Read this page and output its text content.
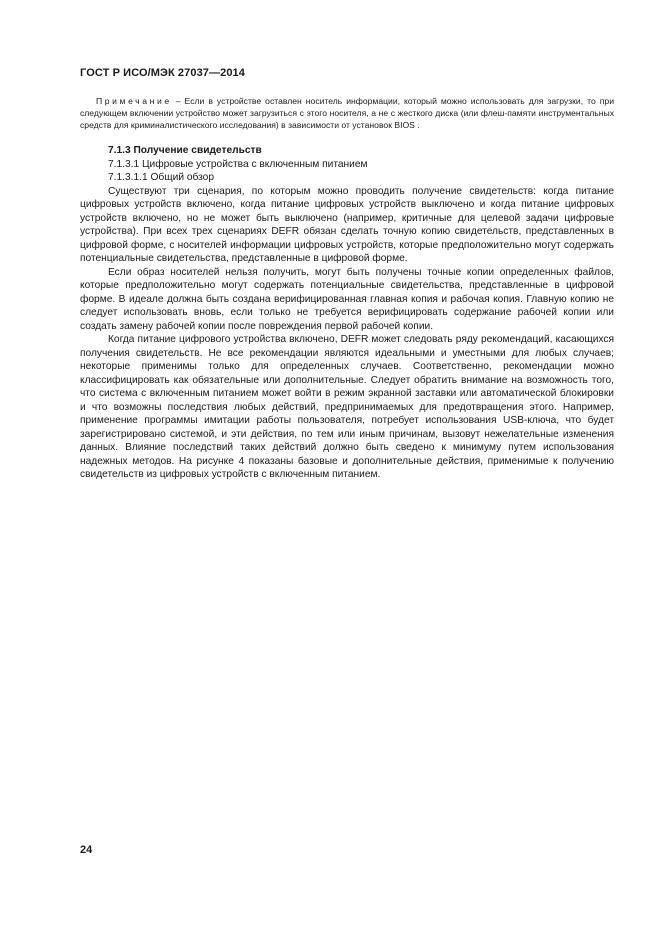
ГОСТ Р ИСО/МЭК 27037—2014
Примечание – Если в устройстве оставлен носитель информации, который можно использовать для загрузки, то при следующем включении устройство может загрузиться с этого носителя, а не с жесткого диска (или флеш-памяти инструментальных средств для криминалистического исследования) в зависимости от установок BIOS .
7.1.3 Получение свидетельств
7.1.3.1 Цифровые устройства с включенным питанием
7.1.3.1.1 Общий обзор

Существуют три сценария, по которым можно проводить получение свидетельств: когда питание цифровых устройств включено, когда питание цифровых устройств выключено и когда питание цифровых устройств включено, но не может быть выключено (например, критичные для целевой задачи цифровые устройства). При всех трех сценариях DEFR обязан сделать точную копию свидетельств, представленных в цифровой форме, с носителей информации цифровых устройств, которые предположительно могут содержать потенциальные свидетельства, представленные в цифровой форме.

Если образ носителей нельзя получить, могут быть получены точные копии определенных файлов, которые предположительно могут содержать потенциальные свидетельства, представленные в цифровой форме. В идеале должна быть создана верифицированная главная копия и рабочая копия. Главную копию не следует использовать вновь, если только не требуется верифицировать содержание рабочей копии или создать замену рабочей копии после повреждения первой рабочей копии.

Когда питание цифрового устройства включено, DEFR может следовать ряду рекомендаций, касающихся получения свидетельств. Не все рекомендации являются идеальными и уместными для любых случаев; некоторые применимы только для определенных случаев. Соответственно, рекомендации можно классифицировать как обязательные или дополнительные. Следует обратить внимание на возможность того, что система с включенным питанием может войти в режим экранной заставки или автоматической блокировки и что возможны последствия любых действий, предпринимаемых для предотвращения этого. Например, применение программы имитации работы пользователя, потребует использования USB-ключа, что будет зарегистрировано системой, и эти действия, по тем или иным причинам, вызовут нежелательные изменения данных. Влияние последствий таких действий должно быть сведено к минимуму путем использования надежных методов. На рисунке 4 показаны базовые и дополнительные действия, применимые к получению свидетельств из цифровых устройств с включенным питанием.

24
